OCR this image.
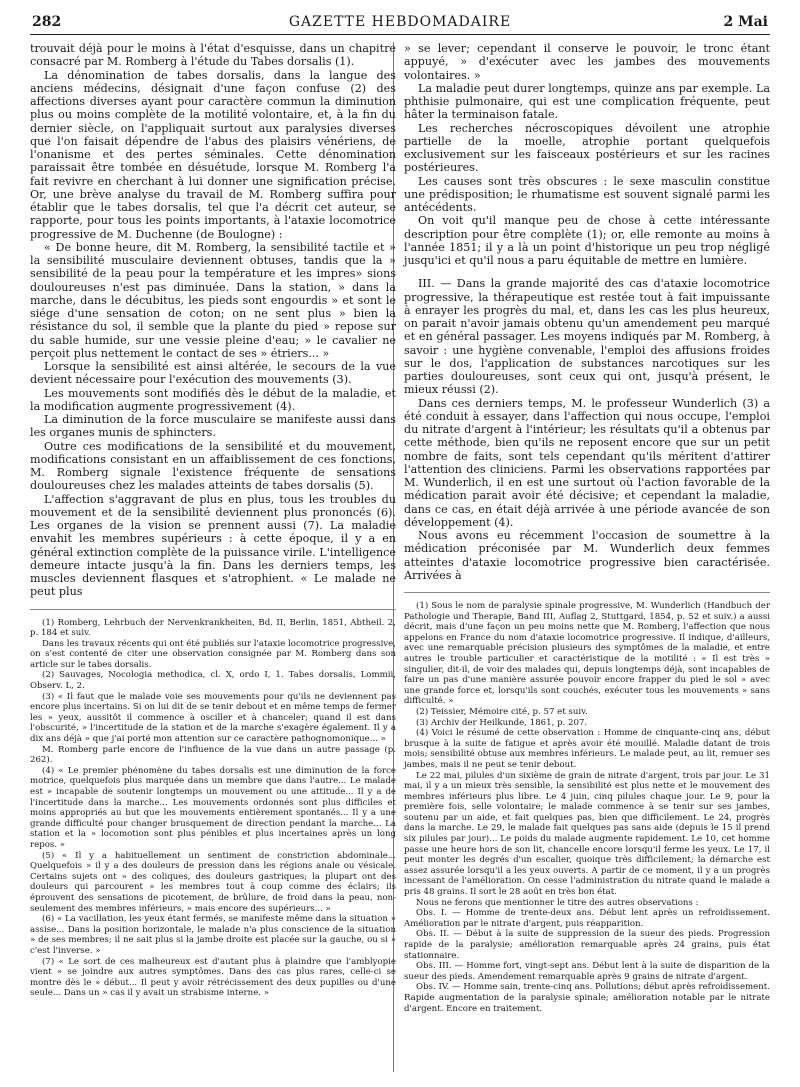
282	GAZETTE HEBDOMADAIRE	2 Mai

trouvait déjà pour le moins à l'état d'esquisse, dans un chapitre consacré par M. Romberg à l'étude du Tabes dorsalis (1).

La dénomination de tabes dorsalis, dans la langue des anciens médecins, désignait d'une façon confuse (2) des affections diverses ayant pour caractère commun la diminution plus ou moins complète de la motilité volontaire, et, à la fin du dernier siècle, on l'appliquait surtout aux paralysies diverses que l'on faisait dépendre de l'abus des plaisirs vénériens, de l'onanisme et des pertes séminales. Cette dénomination paraissait être tombée en désuétude, lorsque M. Romberg l'a fait revivre en cherchant à lui donner une signification précise. Or, une brève analyse du travail de M. Romberg suffira pour établir que le tabes dorsalis, tel que l'a décrit cet auteur, se rapporte, pour tous les points importants, à l'ataxie locomotrice progressive de M. Duchenne (de Boulogne) :

« De bonne heure, dit M. Romberg, la sensibilité tactile et » la sensibilité musculaire deviennent obtuses, tandis que la » sensibilité de la peau pour la température et les impres» sions douloureuses n'est pas diminuée. Dans la station, » dans la marche, dans le décubitus, les pieds sont engourdis » et sont le siége d'une sensation de coton; on ne sent plus » bien la résistance du sol, il semble que la plante du pied » repose sur du sable humide, sur une vessie pleine d'eau; » le cavalier ne perçoit plus nettement le contact de ses » étriers... »

Lorsque la sensibilité est ainsi altérée, le secours de la vue devient nécessaire pour l'exécution des mouvements (3).

Les mouvements sont modifiés dès le début de la maladie, et la modification augmente progressivement (4).

La diminution de la force musculaire se manifeste aussi dans les organes munis de sphincters.

Outre ces modifications de la sensibilité et du mouvement, modifications consistant en un affaiblissement de ces fonctions, M. Romberg signale l'existence fréquente de sensations douloureuses chez les malades atteints de tabes dorsalis (5).

L'affection s'aggravant de plus en plus, tous les troubles du mouvement et de la sensibilité deviennent plus prononcés (6). Les organes de la vision se prennent aussi (7). La maladie envahit les membres supérieurs : à cette époque, il y a en général extinction complète de la puissance virile. L'intelligence demeure intacte jusqu'à la fin. Dans les derniers temps, les muscles deviennent flasques et s'atrophient. « Le malade ne peut plus

(1) Romberg, Lehrbuch der Nervenkrankheiten, Bd. II, Berlin, 1851, Abtheil. 2, p. 184 et suiv.

Dans les travaux récents qui ont été publiés sur l'ataxie locomotrice progressive, on s'est contenté de citer une observation consignée par M. Romberg dans son article sur le tabes dorsalis.

(2) Sauvages, Nocologia methodica, cl. X, ordo I, 1. Tabes dorsalis, Lommii, Observ. L, 2.

(3) « Il faut que le malade voie ses mouvements pour qu'ils ne deviennent pas encore plus incertains. Si on lui dit de se tenir debout et en même temps de fermer les » yeux, aussitôt il commence à osciller et à chanceler; quand il est dans l'obscurité, » l'incertitude de la station et de la marche s'exagère également. Il y a dix ans déjà » que j'ai porté mon attention sur ce caractère pathognomonique... »

M. Romberg parle encore de l'influence de la vue dans un autre passage (p. 262).

(4) « Le premier phénomène du tabes dorsalis est une diminution de la force motrice, quelquefois plus marquée dans un membre que dans l'autre... Le malade est » incapable de soutenir longtemps un mouvement ou une attitude... Il y a de l'incertitude dans la marche... Les mouvements ordonnés sont plus difficiles et moins appropriés au but que les mouvements entièrement spontanés... Il y a une grande difficulté pour changer brusquement de direction pendant la marche... La station et la » locomotion sont plus pénibles et plus incertaines après un long repos. »

(5) « Il y a habituellement un sentiment de constriction abdominale... Quelquefois » il y a des douleurs de pression dans les régions anale ou vésicale. Certains sujets ont » des coliques, des douleurs gastriques; la plupart ont des douleurs qui parcourent » les membres tout à coup comme des éclairs; ils éprouvent des sensations de picotement, de brûlure, de froid dans la peau, non-seulement des membres inférieurs, » mais encore des supérieurs... »

(6) « La vacillation, les yeux étant fermés, se manifeste même dans la situation » assise... Dans la position horizontale, le malade n'a plus conscience de la situation » de ses membres; il ne sait plus si la jambe droite est placée sur la gauche, ou si » c'est l'inverse. »

(7) « Le sort de ces malheureux est d'autant plus à plaindre que l'amblyopie vient » se joindre aux autres symptômes. Dans des cas plus rares, celle-ci se montre dès le » début... Il peut y avoir rétrécissement des deux pupilles ou d'une seule... Dans un » cas il y avait un strabisme interne. »

» se lever; cependant il conserve le pouvoir, le tronc étant appuyé, » d'exécuter avec les jambes des mouvements volontaires. »

La maladie peut durer longtemps, quinze ans par exemple. La phthisie pulmonaire, qui est une complication fréquente, peut hâter la terminaison fatale.

Les recherches nécroscopiques dévoilent une atrophie partielle de la moelle, atrophie portant quelquefois exclusivement sur les faisceaux postérieurs et sur les racines postérieures.

Les causes sont très obscures : le sexe masculin constitue une prédisposition; le rhumatisme est souvent signalé parmi les antécédents.

On voit qu'il manque peu de chose à cette intéressante description pour être complète (1); or, elle remonte au moins à l'année 1851; il y a là un point d'historique un peu trop négligé jusqu'ici et qu'il nous a paru équitable de mettre en lumière.

III. — Dans la grande majorité des cas d'ataxie locomotrice progressive, la thérapeutique est restée tout à fait impuissante à enrayer les progrès du mal, et, dans les cas les plus heureux, on parait n'avoir jamais obtenu qu'un amendement peu marqué et en général passager. Les moyens indiqués par M. Romberg, à savoir : une hygiène convenable, l'emploi des affusions froides sur le dos, l'application de substances narcotiques sur les parties douloureuses, sont ceux qui ont, jusqu'à présent, le mieux réussi (2).

Dans ces derniers temps, M. le professeur Wunderlich (3) a été conduit à essayer, dans l'affection qui nous occupe, l'emploi du nitrate d'argent à l'intérieur; les résultats qu'il a obtenus par cette méthode, bien qu'ils ne reposent encore que sur un petit nombre de faits, sont tels cependant qu'ils méritent d'attirer l'attention des cliniciens. Parmi les observations rapportées par M. Wunderlich, il en est une surtout où l'action favorable de la médication parait avoir été décisive; et cependant la maladie, dans ce cas, en était déjà arrivée à une période avancée de son développement (4).

Nous avons eu récemment l'occasion de soumettre à la médication préconisée par M. Wunderlich deux femmes atteintes d'ataxie locomotrice progressive bien caractérisée. Arrivées à

(1) Sous le nom de paralysie spinale progressive, M. Wunderlich (Handbuch der Pathologie und Therapie, Band III, Auflag 2, Stuttgard, 1854, p. 52 et suiv.) a aussi décrit, mais d'une façon un peu moins nette que M. Romberg, l'affection que nous appelons en France du nom d'ataxie locomotrice progressive. Il indique, d'ailleurs, avec une remarquable précision plusieurs des symptômes de la maladie, et entre autres le trouble particulier et caractéristique de la motilité : « Il est très » singulier, dit-il, de voir des malades qui, depuis longtemps déjà, sont incapables de faire un pas d'une manière assurée pouvoir encore frapper du pied le sol » avec une grande force et, lorsqu'ils sont couchés, exécuter tous les mouvements » sans difficulté. »

(2) Teissier, Mémoire cité, p. 57 et suiv.

(3) Archiv der Heilkunde, 1861, p. 207.

(4) Voici le résumé de cette observation : Homme de cinquante-cinq ans, début brusque à la suite de fatigue et après avoir été mouillé. Maladie datant de trois mois; sensibilité obtuse aux membres inférieurs. Le malade peut, au lit, remuer ses jambes, mais il ne peut se tenir debout.

Le 22 mai, pilules d'un sixième de grain de nitrate d'argent, trois par jour. Le 31 mai, il y a un mieux très sensible, la sensibilité est plus nette et le mouvement des membres inférieurs plus libre. Le 4 juin, cinq pilules chaque jour. Le 9, pour la première fois, selle volontaire; le malade commence à se tenir sur ses jambes, soutenu par un aide, et fait quelques pas, bien que difficilement. Le 24, progrès dans la marche. Le 29, le malade fait quelques pas sans aide (depuis le 15 il prend six pilules par jour)... Le poids du malade augmente rapidement. Le 10, cet homme passe une heure hors de son lit, chancelle encore lorsqu'il ferme les yeux. Le 17, il peut monter les degrés d'un escalier, quoique très difficilement; la démarche est assez assurée lorsqu'il a les yeux ouverts. A partir de ce moment, il y a un progrès incessant de l'amélioration. On cesse l'administration du nitrate quand le malade a pris 48 grains. Il sort le 28 août en très bon état.

Nous ne ferons que mentionner le titre des autres observations :

Obs. I. — Homme de trente-deux ans. Début lent après un refroidissement. Amélioration par le nitrate d'argent, puis réapparition.

Obs. II. — Début à la suite de suppression de la sueur des pieds. Progression rapide de la paralysie; amélioration remarquable après 24 grains, puis état stationnaire.

Obs. III. — Homme fort, vingt-sept ans. Début lent à la suite de disparition de la sueur des pieds. Amendement remarquable après 9 grains de nitrate d'argent.

Obs. IV. — Homme sain, trente-cinq ans. Pollutions; début après refroidissement. Rapide augmentation de la paralysie spinale; amélioration notable par le nitrate d'argent. Encore en traitement.
